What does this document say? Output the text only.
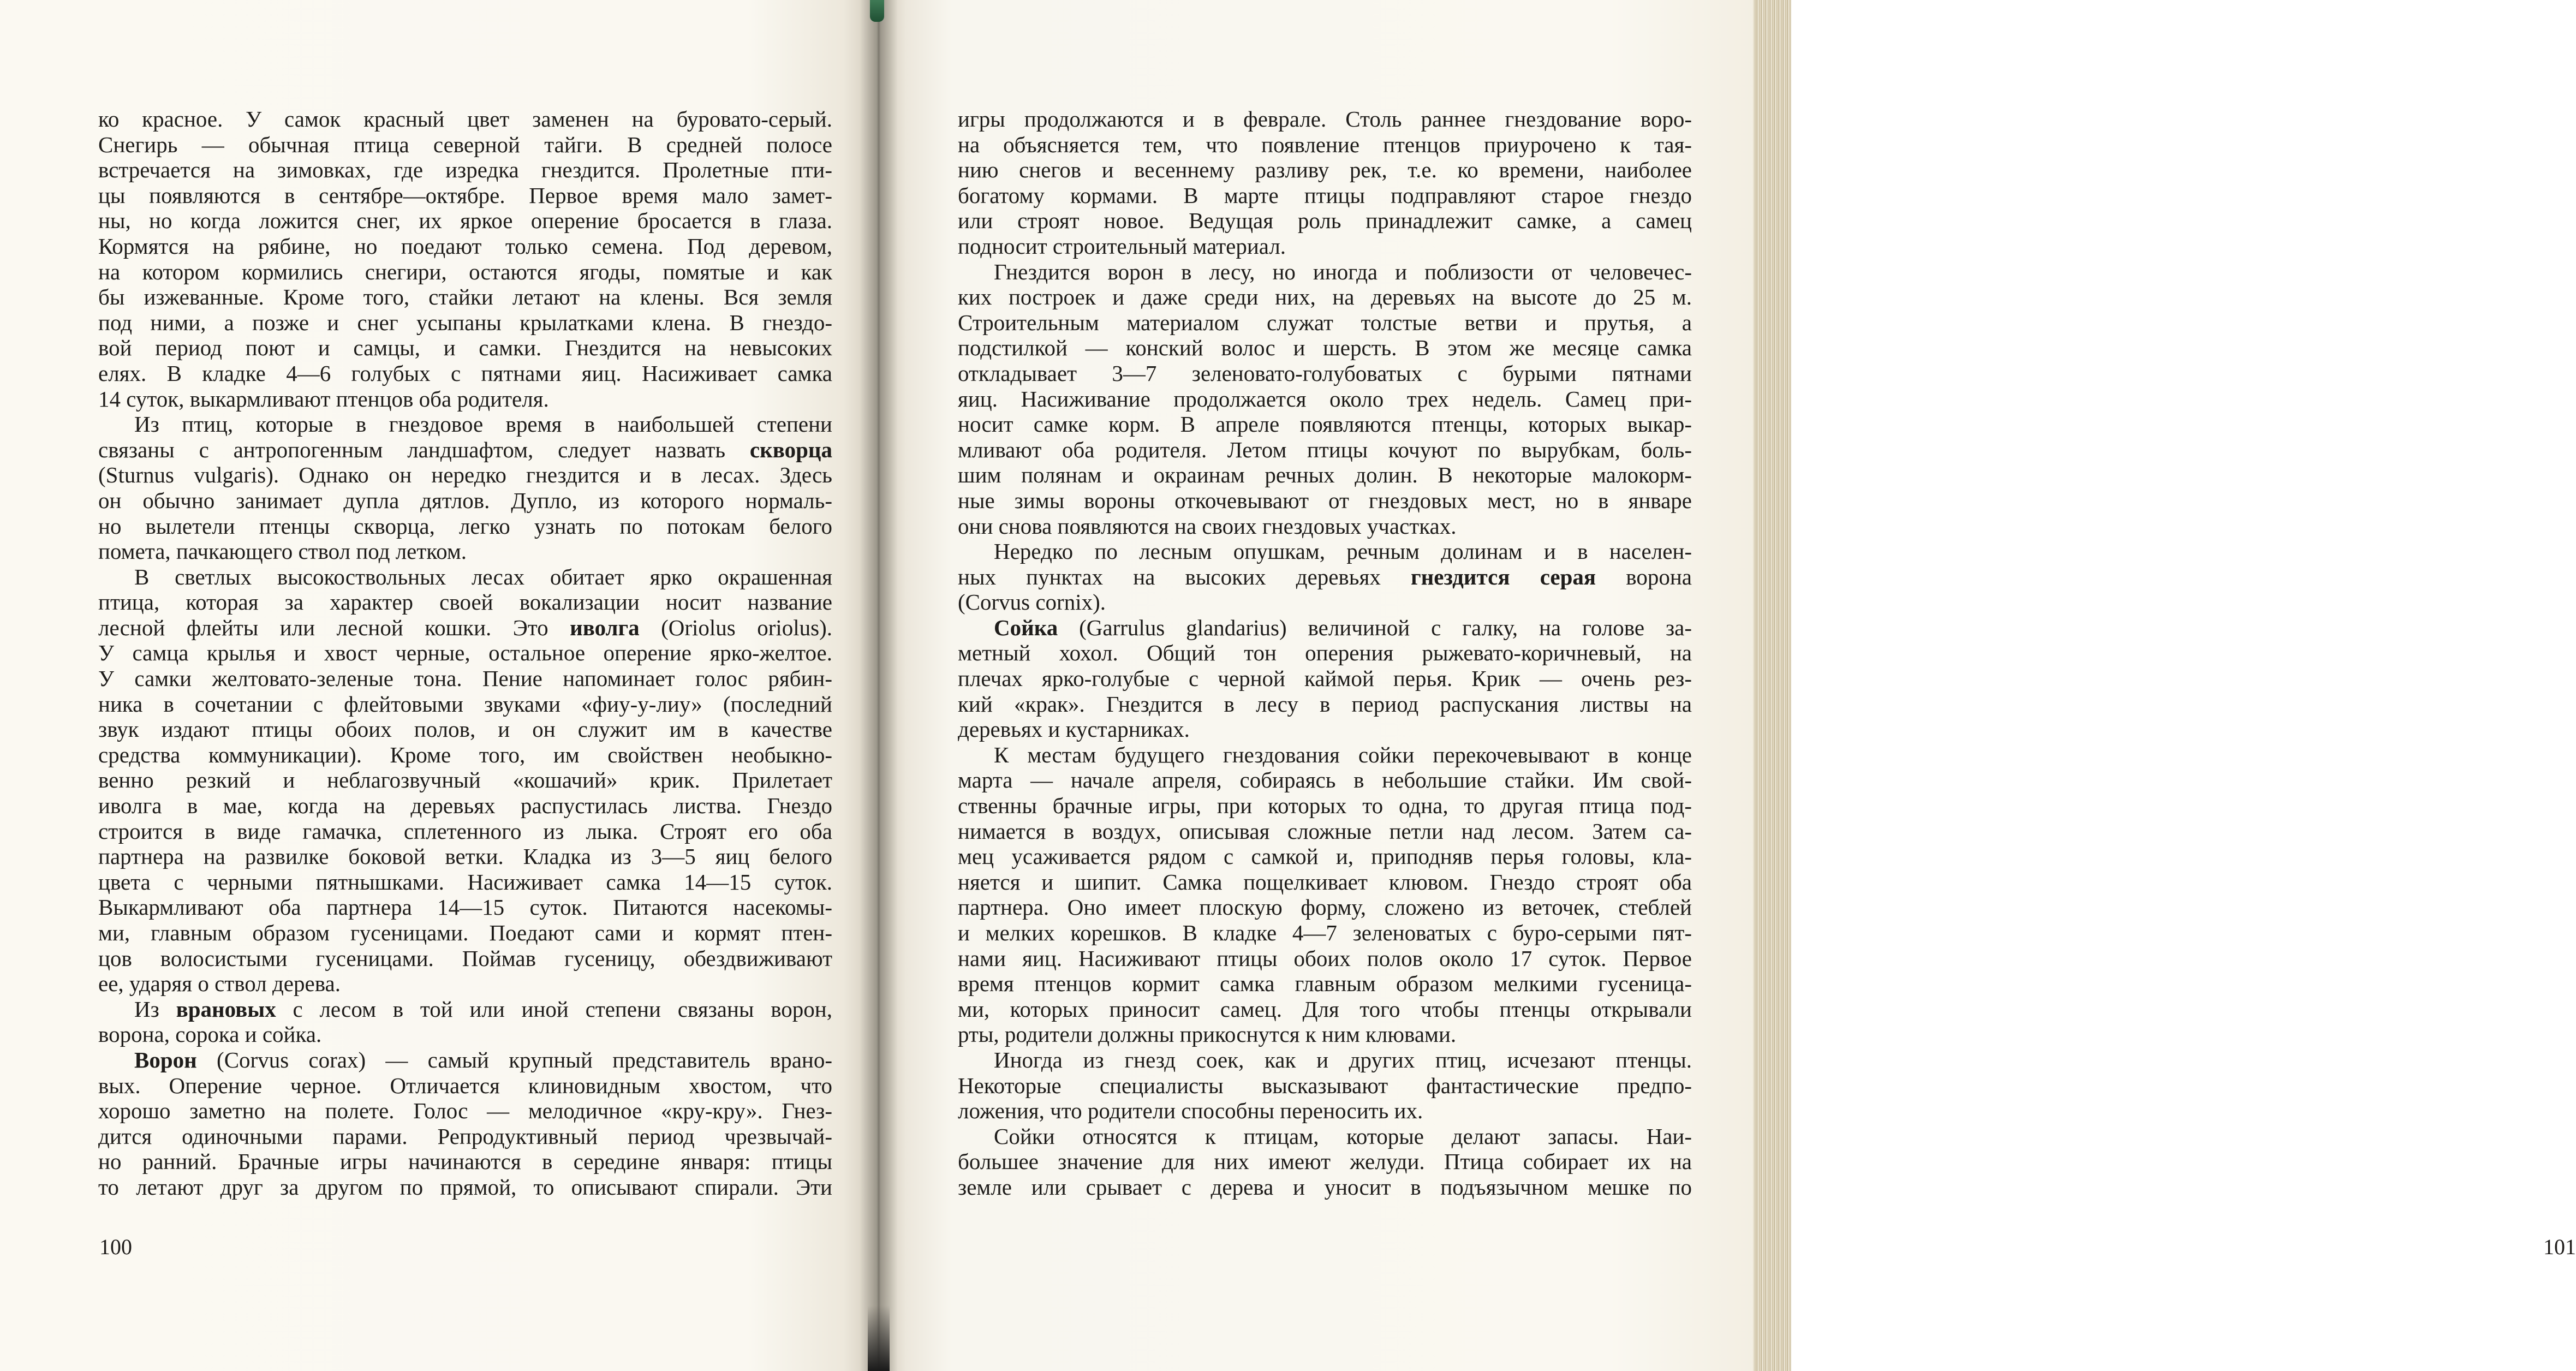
ко красное. У самок красный цвет заменен на буровато-серый.
Снегирь — обычная птица северной тайги. В средней полосе
встречается на зимовках, где изредка гнездится. Пролетные пти-
цы появляются в сентябре—октябре. Первое время мало замет-
ны, но когда ложится снег, их яркое оперение бросается в глаза.
Кормятся на рябине, но поедают только семена. Под деревом,
на котором кормились снегири, остаются ягоды, помятые и как
бы изжеванные. Кроме того, стайки летают на клены. Вся земля
под ними, а позже и снег усыпаны крылатками клена. В гнездо-
вой период поют и самцы, и самки. Гнездится на невысоких
елях. В кладке 4—6 голубых с пятнами яиц. Насиживает самка
14 суток, выкармливают птенцов оба родителя.
Из птиц, которые в гнездовое время в наибольшей степени
связаны с антропогенным ландшафтом, следует назвать скворца
(Sturnus vulgaris). Однако он нередко гнездится и в лесах. Здесь
он обычно занимает дупла дятлов. Дупло, из которого нормаль-
но вылетели птенцы скворца, легко узнать по потокам белого
помета, пачкающего ствол под летком.
В светлых высокоствольных лесах обитает ярко окрашенная
птица, которая за характер своей вокализации носит название
лесной флейты или лесной кошки. Это иволга (Oriolus oriolus).
У самца крылья и хвост черные, остальное оперение ярко-желтое.
У самки желтовато-зеленые тона. Пение напоминает голос рябин-
ника в сочетании с флейтовыми звуками «фиу-у-лиу» (последний
звук издают птицы обоих полов, и он служит им в качестве
средства коммуникации). Кроме того, им свойствен необыкно-
венно резкий и неблагозвучный «кошачий» крик. Прилетает
иволга в мае, когда на деревьях распустилась листва. Гнездо
строится в виде гамачка, сплетенного из лыка. Строят его оба
партнера на развилке боковой ветки. Кладка из 3—5 яиц белого
цвета с черными пятнышками. Насиживает самка 14—15 суток.
Выкармливают оба партнера 14—15 суток. Питаются насекомы-
ми, главным образом гусеницами. Поедают сами и кормят птен-
цов волосистыми гусеницами. Поймав гусеницу, обездвиживают
ее, ударяя о ствол дерева.
Из врановых с лесом в той или иной степени связаны ворон,
ворона, сорока и сойка.
Ворон (Corvus corax) — самый крупный представитель врано-
вых. Оперение черное. Отличается клиновидным хвостом, что
хорошо заметно на полете. Голос — мелодичное «кру-кру». Гнез-
дится одиночными парами. Репродуктивный период чрезвычай-
но ранний. Брачные игры начинаются в середине января: птицы
то летают друг за другом по прямой, то описывают спирали. Эти
100	101
игры продолжаются и в феврале. Столь раннее гнездование воро-
на объясняется тем, что появление птенцов приурочено к тая-
нию снегов и весеннему разливу рек, т.е. ко времени, наиболее
богатому кормами. В марте птицы подправляют старое гнездо
или строят новое. Ведущая роль принадлежит самке, а самец
подносит строительный материал.
Гнездится ворон в лесу, но иногда и поблизости от человечес-
ких построек и даже среди них, на деревьях на высоте до 25 м.
Строительным материалом служат толстые ветви и прутья, а
подстилкой — конский волос и шерсть. В этом же месяце самка
откладывает 3—7 зеленовато-голубоватых с бурыми пятнами
яиц. Насиживание продолжается около трех недель. Самец при-
носит самке корм. В апреле появляются птенцы, которых выкар-
мливают оба родителя. Летом птицы кочуют по вырубкам, боль-
шим полянам и окраинам речных долин. В некоторые малокорм-
ные зимы вороны откочевывают от гнездовых мест, но в январе
они снова появляются на своих гнездовых участках.
Нередко по лесным опушкам, речным долинам и в населен-
ных пунктах на высоких деревьях гнездится серая ворона
(Corvus cornix).
Сойка (Garrulus glandarius) величиной с галку, на голове за-
метный хохол. Общий тон оперения рыжевато-коричневый, на
плечах ярко-голубые с черной каймой перья. Крик — очень рез-
кий «крак». Гнездится в лесу в период распускания листвы на
деревьях и кустарниках.
К местам будущего гнездования сойки перекочевывают в конце
марта — начале апреля, собираясь в небольшие стайки. Им свой-
ственны брачные игры, при которых то одна, то другая птица под-
нимается в воздух, описывая сложные петли над лесом. Затем са-
мец усаживается рядом с самкой и, приподняв перья головы, кла-
няется и шипит. Самка пощелкивает клювом. Гнездо строят оба
партнера. Оно имеет плоскую форму, сложено из веточек, стеблей
и мелких корешков. В кладке 4—7 зеленоватых с буро-серыми пят-
нами яиц. Насиживают птицы обоих полов около 17 суток. Первое
время птенцов кормит самка главным образом мелкими гусеница-
ми, которых приносит самец. Для того чтобы птенцы открывали
рты, родители должны прикоснутся к ним клювами.
Иногда из гнезд соек, как и других птиц, исчезают птенцы.
Некоторые специалисты высказывают фантастические предпо-
ложения, что родители способны переносить их.
Сойки относятся к птицам, которые делают запасы. Наи-
большее значение для них имеют желуди. Птица собирает их на
земле или срывает с дерева и уносит в подъязычном мешке по
